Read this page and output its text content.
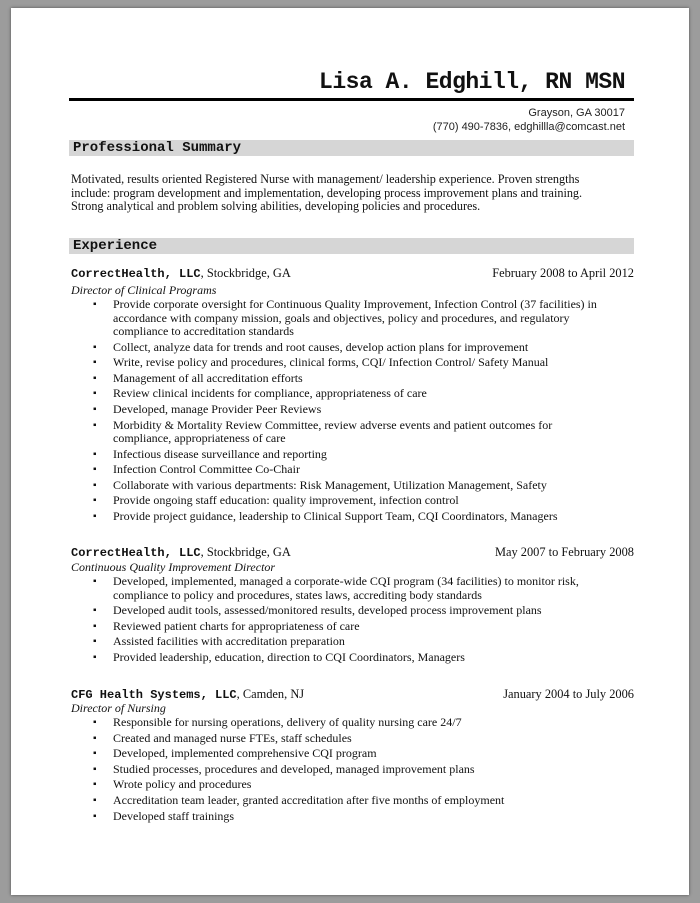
Lisa A. Edghill, RN MSN
Grayson, GA 30017
(770) 490-7836, edghillla@comcast.net
Professional Summary

Motivated, results oriented Registered Nurse with management/ leadership experience. Proven strengths include: program development and implementation, developing process improvement plans and training. Strong analytical and problem solving abilities, developing policies and procedures.

Experience
CorrectHealth, LLC, Stockbridge, GA	February 2008 to April 2012
Director of Clinical Programs
▪ Provide corporate oversight for Continuous Quality Improvement, Infection Control (37 facilities) in accordance with company mission, goals and objectives, policy and procedures, and regulatory compliance to accreditation standards
▪ Collect, analyze data for trends and root causes, develop action plans for improvement
▪ Write, revise policy and procedures, clinical forms, CQI/ Infection Control/ Safety Manual
▪ Management of all accreditation efforts
▪ Review clinical incidents for compliance, appropriateness of care
▪ Developed, manage Provider Peer Reviews
▪ Morbidity & Mortality Review Committee, review adverse events and patient outcomes for compliance, appropriateness of care
▪ Infectious disease surveillance and reporting
▪ Infection Control Committee Co-Chair
▪ Collaborate with various departments: Risk Management, Utilization Management, Safety
▪ Provide ongoing staff education: quality improvement, infection control
▪ Provide project guidance, leadership to Clinical Support Team, CQI Coordinators, Managers
CorrectHealth, LLC, Stockbridge, GA	May 2007 to February 2008
Continuous Quality Improvement Director
▪ Developed, implemented, managed a corporate-wide CQI program (34 facilities) to monitor risk, compliance to policy and procedures, states laws, accrediting body standards
▪ Developed audit tools, assessed/monitored results, developed process improvement plans
▪ Reviewed patient charts for appropriateness of care
▪ Assisted facilities with accreditation preparation
▪ Provided leadership, education, direction to CQI Coordinators, Managers
CFG Health Systems, LLC, Camden, NJ	January 2004 to July 2006
Director of Nursing
▪ Responsible for nursing operations, delivery of quality nursing care 24/7
▪ Created and managed nurse FTEs, staff schedules
▪ Developed, implemented comprehensive CQI program
▪ Studied processes, procedures and developed, managed improvement plans
▪ Wrote policy and procedures
▪ Accreditation team leader, granted accreditation after five months of employment
▪ Developed staff trainings
